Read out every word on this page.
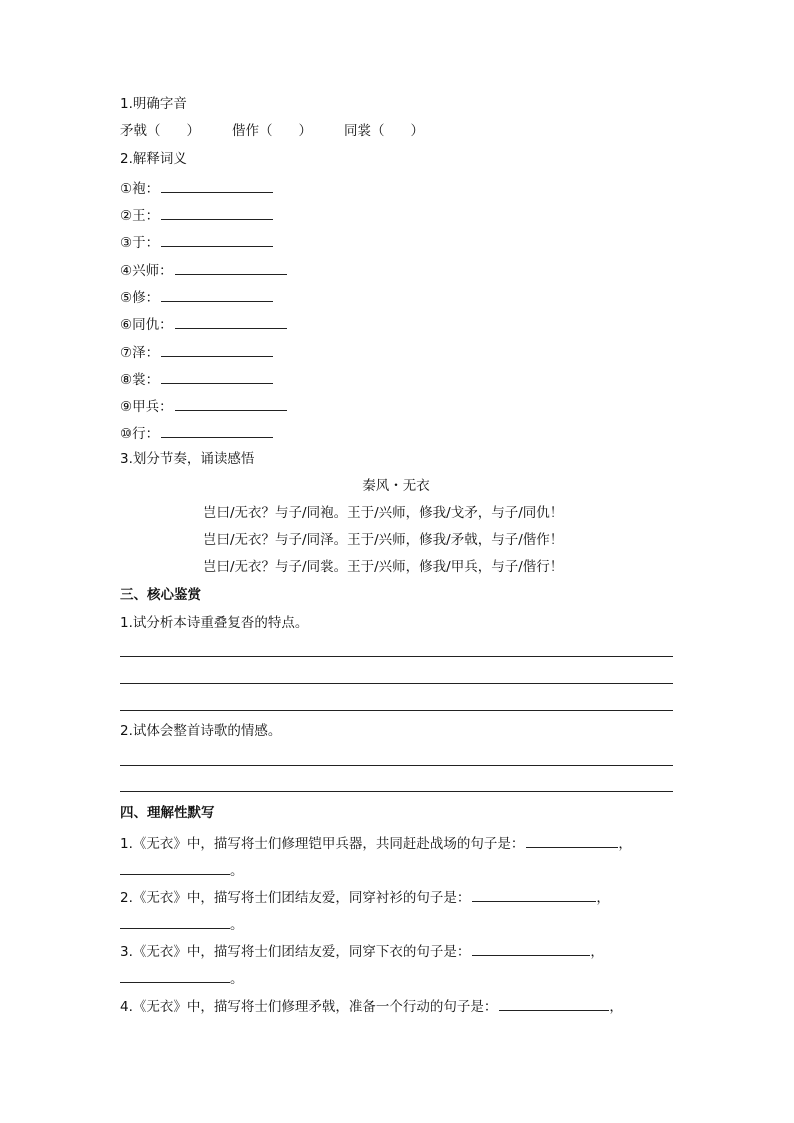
1.明确字音
矛戟（ ） 偕作（ ） 同裳（ ）
2.解释词义
①袍：
②王：
③于：
④兴师：
⑤修：
⑥同仇：
⑦泽：
⑧裳：
⑨甲兵：
⑩行：
3.划分节奏，诵读感悟
秦风・无衣
岂曰/无衣？与子/同袍。王于/兴师，修我/戈矛，与子/同仇！
岂曰/无衣？与子/同泽。王于/兴师，修我/矛戟，与子/偕作！
岂曰/无衣？与子/同裳。王于/兴师，修我/甲兵，与子/偕行！
三、核心鉴赏
1.试分析本诗重叠复沓的特点。
2.试体会整首诗歌的情感。
四、理解性默写
1.《无衣》中，描写将士们修理铠甲兵器，共同赶赴战场的句子是：	，
。
2.《无衣》中，描写将士们团结友爱，同穿衬衫的句子是：	，
。
3.《无衣》中，描写将士们团结友爱，同穿下衣的句子是：	，
。
4.《无衣》中，描写将士们修理矛戟，准备一个行动的句子是：	，
